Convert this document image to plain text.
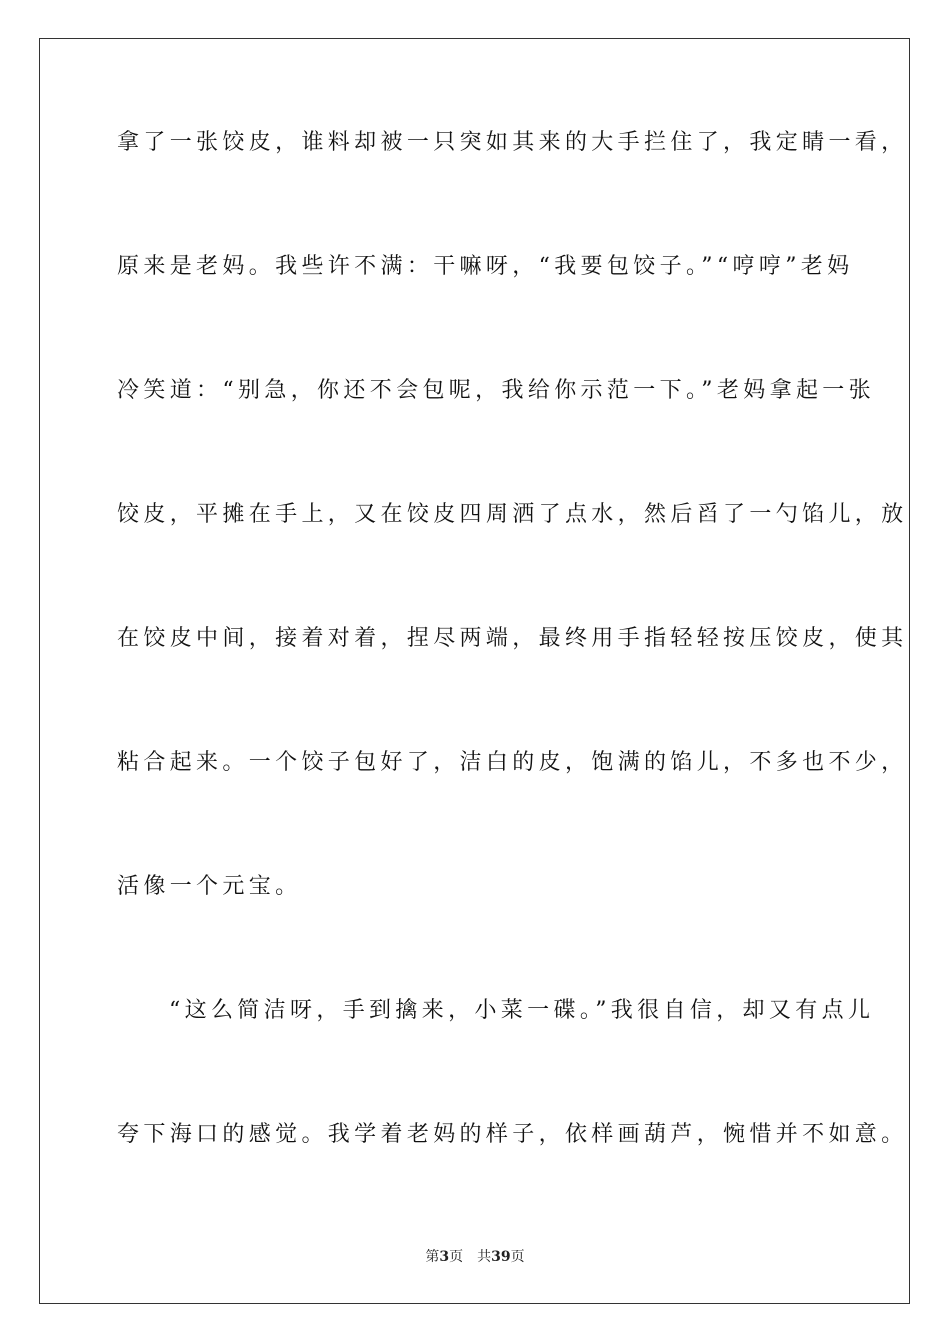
拿了一张饺皮，谁料却被一只突如其来的大手拦住了，我定睛一看，

原来是老妈。我些许不满：干嘛呀，“我要包饺子。”“哼哼”老妈

冷笑道：“别急，你还不会包呢，我给你示范一下。”老妈拿起一张

饺皮，平摊在手上，又在饺皮四周洒了点水，然后舀了一勺馅儿，放

在饺皮中间，接着对着，捏尽两端，最终用手指轻轻按压饺皮，使其

粘合起来。一个饺子包好了，洁白的皮，饱满的馅儿，不多也不少，

活像一个元宝。

“这么简洁呀，手到擒来，小菜一碟。”我很自信，却又有点儿

夸下海口的感觉。我学着老妈的样子，依样画葫芦，惋惜并不如意。

第3页 共39页
